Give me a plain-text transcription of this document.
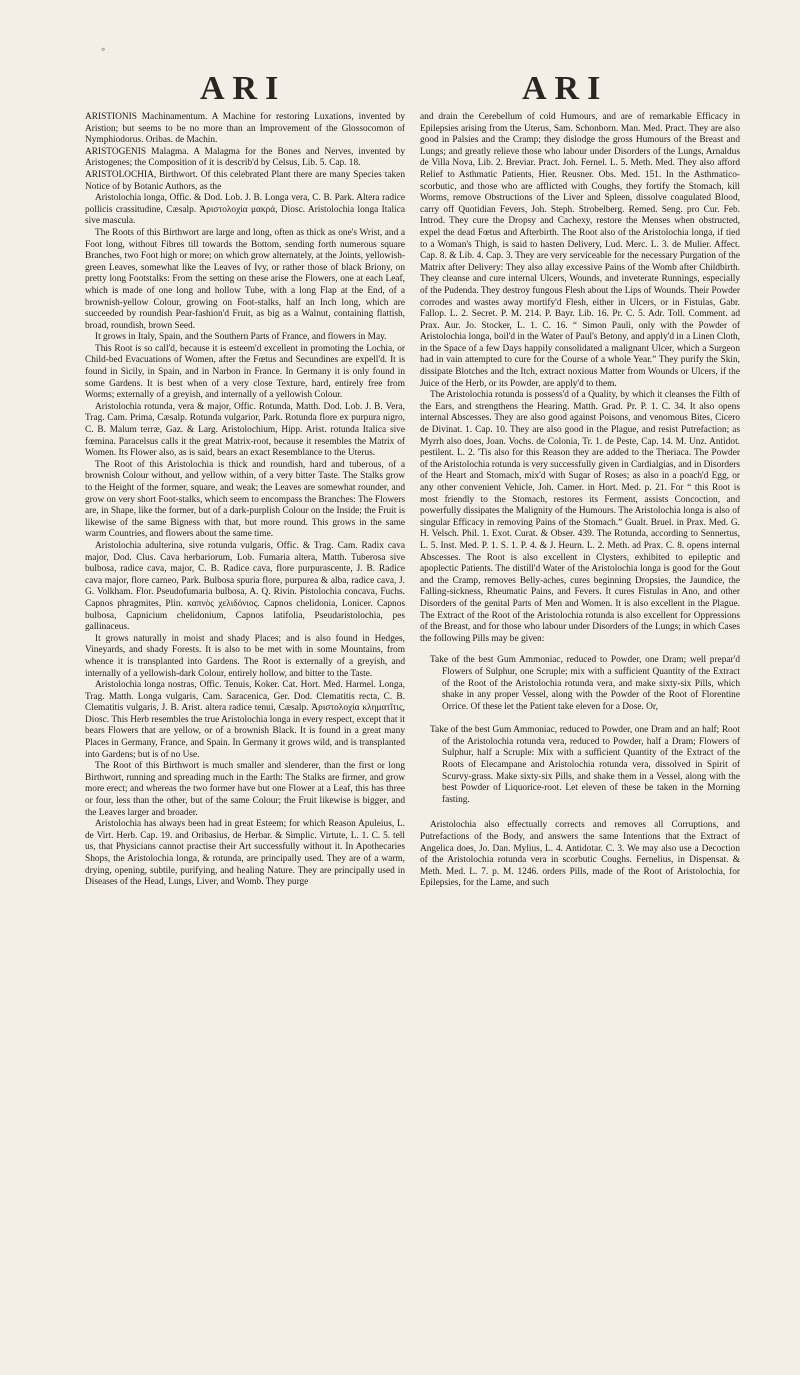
◦
ARI	ARI

ARISTIONIS Machinamentum. A Machine for restoring Luxations, invented by Aristion; but seems to be no more than an Improvement of the Glossocomon of Nymphiodorus. Oribas. de Machin.

ARISTOGENIS Malagma. A Malagma for the Bones and Nerves, invented by Aristogenes; the Composition of it is describ'd by Celsus, Lib. 5. Cap. 18.

ARISTOLOCHIA, Birthwort. Of this celebrated Plant there are many Species taken Notice of by Botanic Authors, as the

Aristolochia longa, Offic. & Dod. Lob. J. B. Longa vera, C. B. Park. Altera radice pollicis crassitudine, Cæsalp. Ἀριστολοχία μακρά, Diosc. Aristolochia longa Italica sive mascula.

The Roots of this Birthwort are large and long, often as thick as one's Wrist, and a Foot long, without Fibres till towards the Bottom, sending forth numerous square Branches, two Foot high or more; on which grow alternately, at the Joints, yellowish-green Leaves, somewhat like the Leaves of Ivy, or rather those of black Briony, on pretty long Footstalks: From the setting on these arise the Flowers, one at each Leaf, which is made of one long and hollow Tube, with a long Flap at the End, of a brownish-yellow Colour, growing on Foot-stalks, half an Inch long, which are succeeded by roundish Pear-fashion'd Fruit, as big as a Walnut, containing flattish, broad, roundish, brown Seed.

It grows in Italy, Spain, and the Southern Parts of France, and flowers in May.

This Root is so call'd, because it is esteem'd excellent in promoting the Lochia, or Child-bed Evacuations of Women, after the Fœtus and Secundines are expell'd. It is found in Sicily, in Spain, and in Narbon in France. In Germany it is only found in some Gardens. It is best when of a very close Texture, hard, entirely free from Worms; externally of a greyish, and internally of a yellowish Colour.

Aristolochia rotunda, vera & major, Offic. Rotunda, Matth. Dod. Lob. J. B. Vera, Trag. Cam. Prima, Cæsalp. Rotunda vulgarior, Park. Rotunda flore ex purpura nigro, C. B. Malum terræ, Gaz. & Larg. Aristolochium, Hipp. Arist. rotunda Italica sive fœmina. Paracelsus calls it the great Matrix-root, because it resembles the Matrix of Women. Its Flower also, as is said, bears an exact Resemblance to the Uterus.

The Root of this Aristolochia is thick and roundish, hard and tuberous, of a brownish Colour without, and yellow within, of a very bitter Taste. The Stalks grow to the Height of the former, square, and weak; the Leaves are somewhat rounder, and grow on very short Foot-stalks, which seem to encompass the Branches: The Flowers are, in Shape, like the former, but of a dark-purplish Colour on the Inside; the Fruit is likewise of the same Bigness with that, but more round. This grows in the same warm Countries, and flowers about the same time.

Aristolochia adulterina, sive rotunda vulgaris, Offic. & Trag. Cam. Radix cava major, Dod. Clus. Cava herbariorum, Lob. Fumaria altera, Matth. Tuberosa sive bulbosa, radice cava, major, C. B. Radice cava, flore purpurascente, J. B. Radice cava major, flore carneo, Park. Bulbosa spuria flore, purpurea & alba, radice cava, J. G. Volkham. Flor. Pseudofumaria bulbosa, A. Q. Rivin. Pistolochia concava, Fuchs. Capnos phragmites, Plin. καπνὸς χελιδόνιος. Capnos chelidonia, Lonicer. Capnos bulbosa, Capnicium chelidonium, Capnos latifolia, Pseudaristolochia, pes gallinaceus.

It grows naturally in moist and shady Places; and is also found in Hedges, Vineyards, and shady Forests. It is also to be met with in some Mountains, from whence it is transplanted into Gardens. The Root is externally of a greyish, and internally of a yellowish-dark Colour, entirely hollow, and bitter to the Taste.

Aristolochia longa nostras, Offic. Tenuis, Koker. Cat. Hort. Med. Harmel. Longa, Trag. Matth. Longa vulgaris, Cam. Saracenica, Ger. Dod. Clematitis recta, C. B. Clematitis vulgaris, J. B. Arist. altera radice tenui, Cæsalp. Ἀριστολοχία κληματῖτις, Diosc. This Herb resembles the true Aristolochia longa in every respect, except that it bears Flowers that are yellow, or of a brownish Black. It is found in a great many Places in Germany, France, and Spain. In Germany it grows wild, and is transplanted into Gardens; but is of no Use.

The Root of this Birthwort is much smaller and slenderer, than the first or long Birthwort, running and spreading much in the Earth: The Stalks are firmer, and grow more erect; and whereas the two former have but one Flower at a Leaf, this has three or four, less than the other, but of the same Colour; the Fruit likewise is bigger, and the Leaves larger and broader.

Aristolochia has always been had in great Esteem; for which Reason Apuleius, L. de Virt. Herb. Cap. 19. and Oribasius, de Herbar. & Simplic. Virtute, L. 1. C. 5. tell us, that Physicians cannot practise their Art successfully without it. In Apothecaries Shops, the Aristolochia longa, & rotunda, are principally used. They are of a warm, drying, opening, subtile, purifying, and healing Nature. They are principally used in Diseases of the Head, Lungs, Liver, and Womb. They purge

and drain the Cerebellum of cold Humours, and are of remarkable Efficacy in Epilepsies arising from the Uterus, Sam. Schonborn. Man. Med. Pract. They are also good in Palsies and the Cramp; they dislodge the gross Humours of the Breast and Lungs; and greatly relieve those who labour under Disorders of the Lungs, Arnaldus de Villa Nova, Lib. 2. Breviar. Pract. Joh. Fernel. L. 5. Meth. Med. They also afford Relief to Asthmatic Patients, Hier. Reusner. Obs. Med. 151. In the Asthmatico-scorbutic, and those who are afflicted with Coughs, they fortify the Stomach, kill Worms, remove Obstructions of the Liver and Spleen, dissolve coagulated Blood, carry off Quotidian Fevers, Joh. Steph. Strobelberg. Remed. Seng. pro Cur. Feb. Introd. They cure the Dropsy and Cachexy, restore the Menses when obstructed, expel the dead Fœtus and Afterbirth. The Root also of the Aristolochia longa, if tied to a Woman's Thigh, is said to hasten Delivery, Lud. Merc. L. 3. de Mulier. Affect. Cap. 8. & Lib. 4. Cap. 3. They are very serviceable for the necessary Purgation of the Matrix after Delivery: They also allay excessive Pains of the Womb after Childbirth. They cleanse and cure internal Ulcers, Wounds, and inveterate Runnings, especially of the Pudenda. They destroy fungous Flesh about the Lips of Wounds. Their Powder corrodes and wastes away mortify'd Flesh, either in Ulcers, or in Fistulas, Gabr. Fallop. L. 2. Secret. P. M. 214. P. Bayr. Lib. 16. Pr. C. 5. Adr. Toll. Comment. ad Prax. Aur. Jo. Stocker, L. 1. C. 16. “ Simon Pauli, only with the Powder of Aristolochia longa, boil'd in the Water of Paul's Betony, and apply'd in a Linen Cloth, in the Space of a few Days happily consolidated a malignant Ulcer, which a Surgeon had in vain attempted to cure for the Course of a whole Year.” They purify the Skin, dissipate Blotches and the Itch, extract noxious Matter from Wounds or Ulcers, if the Juice of the Herb, or its Powder, are apply'd to them.

The Aristolochia rotunda is possess'd of a Quality, by which it cleanses the Filth of the Ears, and strengthens the Hearing. Matth. Grad. Pr. P. 1. C. 34. It also opens internal Abscesses. They are also good against Poisons, and venomous Bites, Cicero de Divinat. 1. Cap. 10. They are also good in the Plague, and resist Putrefaction; as Myrrh also does, Joan. Vochs. de Colonia, Tr. 1. de Peste, Cap. 14. M. Unz. Antidot. pestilent. L. 2. 'Tis also for this Reason they are added to the Theriaca. The Powder of the Aristolochia rotunda is very successfully given in Cardialgias, and in Disorders of the Heart and Stomach, mix'd with Sugar of Roses; as also in a poach'd Egg, or any other convenient Vehicle, Joh. Camer. in Hort. Med. p. 21. For “ this Root is most friendly to the Stomach, restores its Ferment, assists Concoction, and powerfully dissipates the Malignity of the Humours. The Aristolochia longa is also of singular Efficacy in removing Pains of the Stomach.” Gualt. Bruel. in Prax. Med. G. H. Velsch. Phil. 1. Exot. Curat. & Obser. 439. The Rotunda, according to Sennertus, L. 5. Inst. Med. P. 1. S. 1. P. 4. & J. Heurn. L. 2. Meth. ad Prax. C. 8. opens internal Abscesses. The Root is also excellent in Clysters, exhibited to epileptic and apoplectic Patients. The distill'd Water of the Aristolochia longa is good for the Gout and the Cramp, removes Belly-aches, cures beginning Dropsies, the Jaundice, the Falling-sickness, Rheumatic Pains, and Fevers. It cures Fistulas in Ano, and other Disorders of the genital Parts of Men and Women. It is also excellent in the Plague. The Extract of the Root of the Aristolochia rotunda is also excellent for Oppressions of the Breast, and for those who labour under Disorders of the Lungs; in which Cases the following Pills may be given:

Take of the best Gum Ammoniac, reduced to Powder, one Dram; well prepar'd Flowers of Sulphur, one Scruple; mix with a sufficient Quantity of the Extract of the Root of the Aristolochia rotunda vera, and make sixty-six Pills, which shake in any proper Vessel, along with the Powder of the Root of Florentine Orrice. Of these let the Patient take eleven for a Dose. Or,

Take of the best Gum Ammoniac, reduced to Powder, one Dram and an half; Root of the Aristolochia rotunda vera, reduced to Powder, half a Dram; Flowers of Sulphur, half a Scruple: Mix with a sufficient Quantity of the Extract of the Roots of Elecampane and Aristolochia rotunda vera, dissolved in Spirit of Scurvy-grass. Make sixty-six Pills, and shake them in a Vessel, along with the best Powder of Liquorice-root. Let eleven of these be taken in the Morning fasting.

Aristolochia also effectually corrects and removes all Corruptions, and Putrefactions of the Body, and answers the same Intentions that the Extract of Angelica does, Jo. Dan. Mylius, L. 4. Antidotar. C. 3. We may also use a Decoction of the Aristolochia rotunda vera in scorbutic Coughs. Fernelius, in Dispensat. & Meth. Med. L. 7. p. M. 1246. orders Pills, made of the Root of Aristolochia, for Epilepsies, for the Lame, and such
